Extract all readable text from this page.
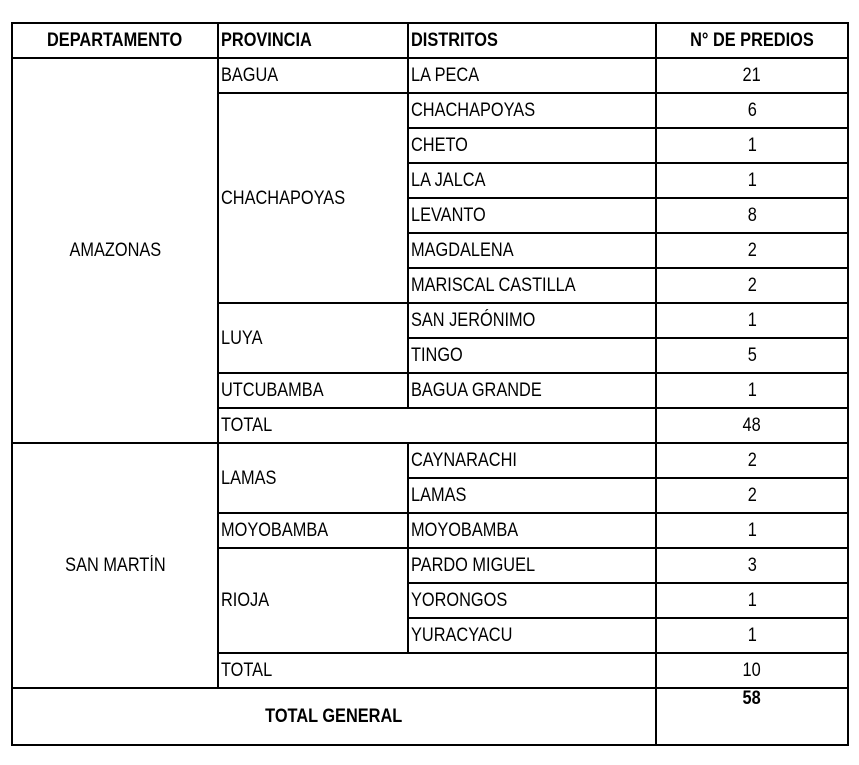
DEPARTAMENTO	PROVINCIA	DISTRITOS	N° DE PREDIOS
AMAZONAS	BAGUA	LA PECA	21
	CHACHAPOYAS	CHACHAPOYAS	6
		CHETO	1
		LA JALCA	1
		LEVANTO	8
		MAGDALENA	2
		MARISCAL CASTILLA	2
	LUYA	SAN JERÓNIMO	1
		TINGO	5
	UTCUBAMBA	BAGUA GRANDE	1
	TOTAL		48
SAN MARTÍN	LAMAS	CAYNARACHI	2
		LAMAS	2
	MOYOBAMBA	MOYOBAMBA	1
	RIOJA	PARDO MIGUEL	3
		YORONGOS	1
		YURACYACU	1
	TOTAL		10
TOTAL GENERAL			58
